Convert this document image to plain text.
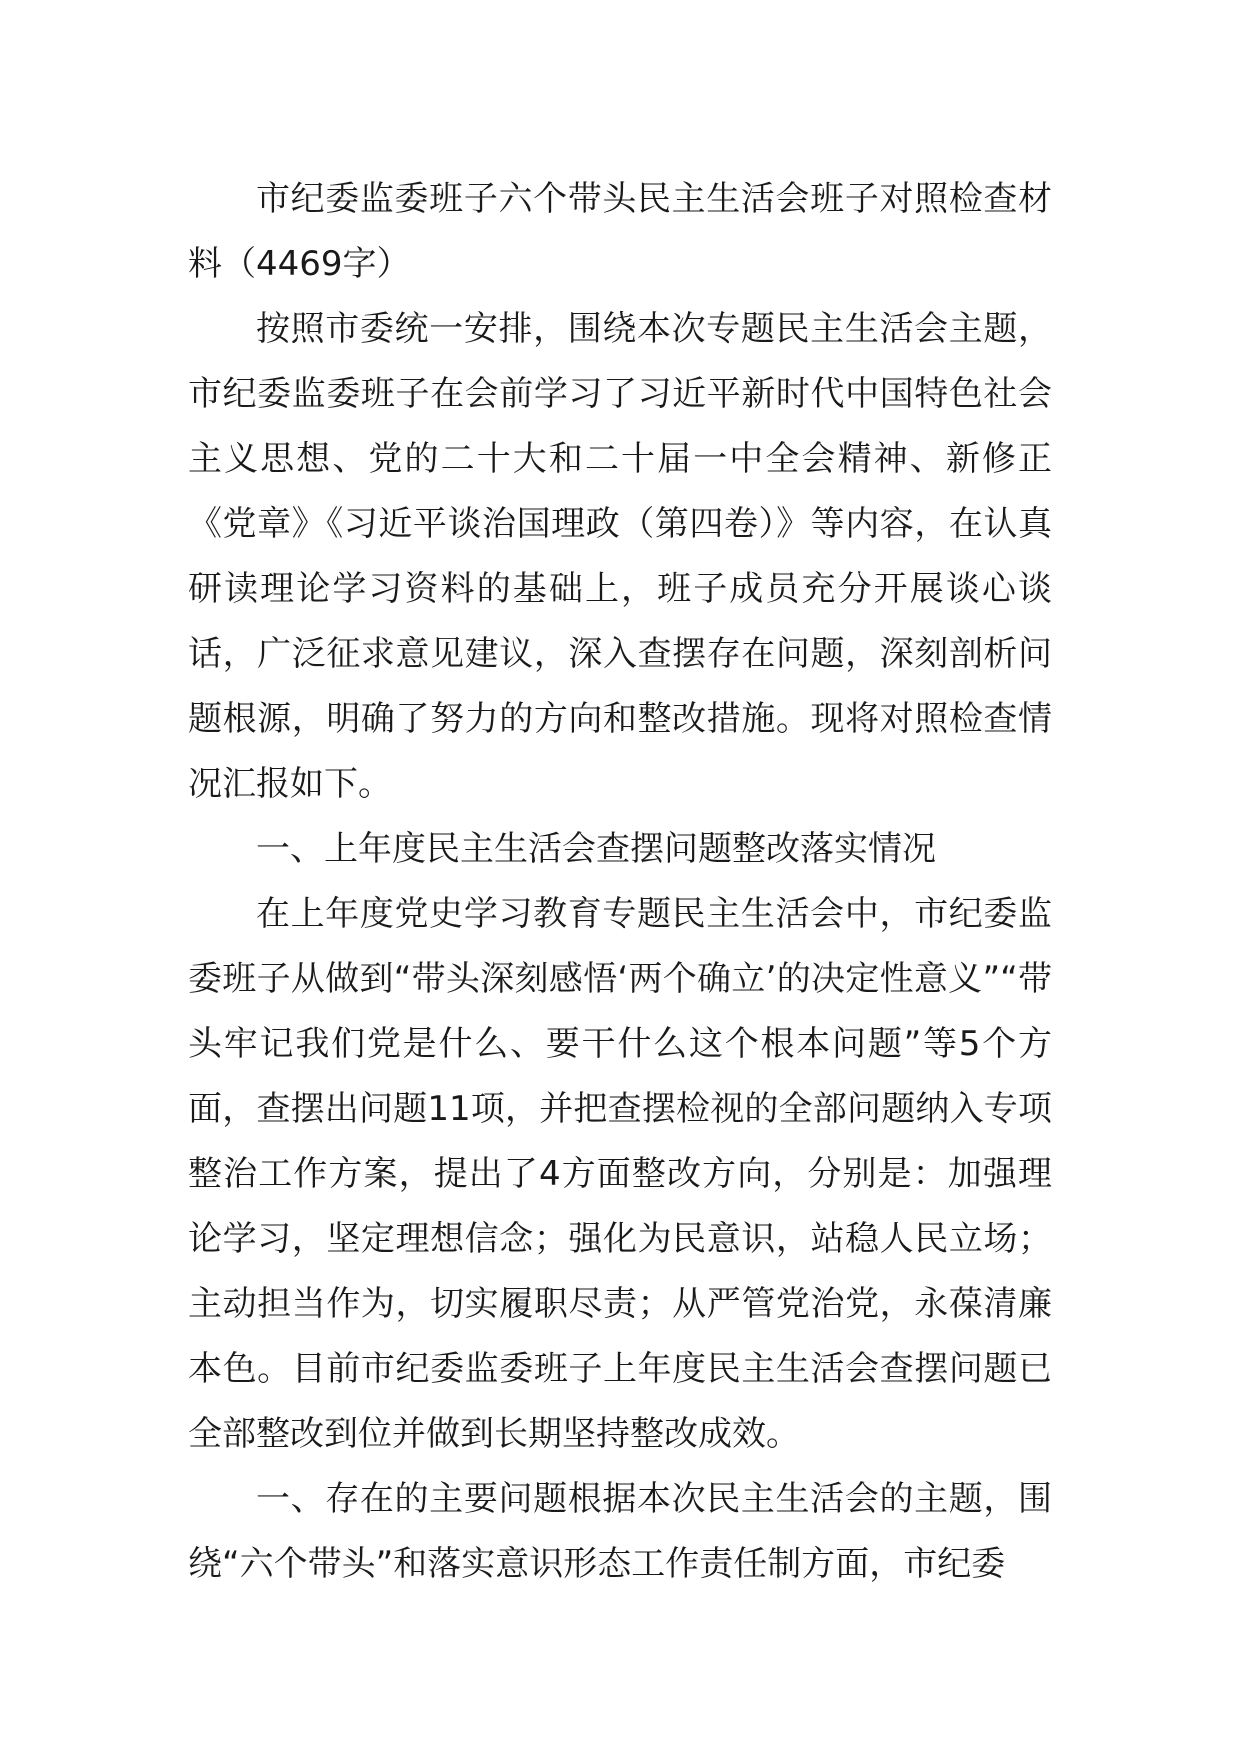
市纪委监委班子六个带头民主生活会班子对照检查材料（4469字）

按照市委统一安排，围绕本次专题民主生活会主题，市纪委监委班子在会前学习了习近平新时代中国特色社会主义思想、党的二十大和二十届一中全会精神、新修正《党章》《习近平谈治国理政（第四卷）》等内容，在认真研读理论学习资料的基础上，班子成员充分开展谈心谈话，广泛征求意见建议，深入查摆存在问题，深刻剖析问题根源，明确了努力的方向和整改措施。现将对照检查情况汇报如下。

一、上年度民主生活会查摆问题整改落实情况

在上年度党史学习教育专题民主生活会中，市纪委监委班子从做到“带头深刻感悟‘两个确立’的决定性意义”“带头牢记我们党是什么、要干什么这个根本问题”等5个方面，查摆出问题11项，并把查摆检视的全部问题纳入专项整治工作方案，提出了4方面整改方向，分别是：加强理论学习，坚定理想信念；强化为民意识，站稳人民立场；主动担当作为，切实履职尽责；从严管党治党，永葆清廉本色。目前市纪委监委班子上年度民主生活会查摆问题已全部整改到位并做到长期坚持整改成效。

一、存在的主要问题根据本次民主生活会的主题，围绕“六个带头”和落实意识形态工作责任制方面，市纪委
